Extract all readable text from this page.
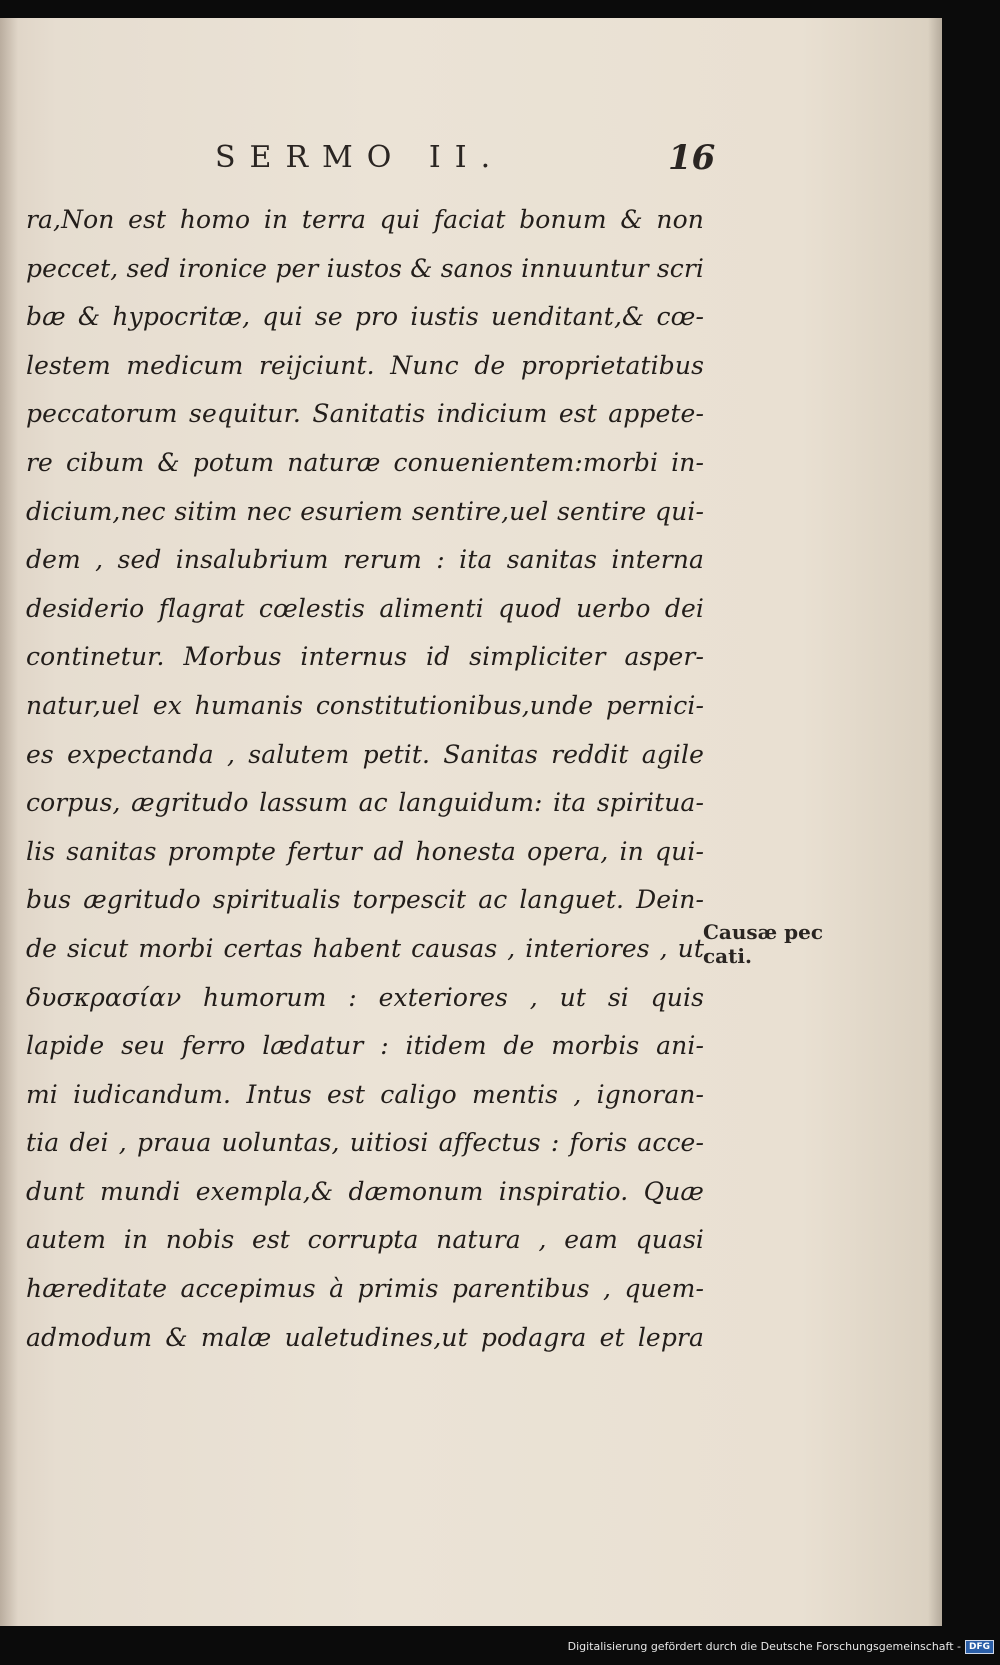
SERMO II.	16
ra,Non est homo in terra qui faciat bonum & non
peccet, sed ironice per iustos & sanos innuuntur scri
bæ & hypocritæ, qui se pro iustis uenditant,& cœ-
lestem medicum reijciunt. Nunc de proprietatibus
peccatorum sequitur. Sanitatis indicium est appete-
re cibum & potum naturæ conuenientem:morbi in-
dicium,nec sitim nec esuriem sentire,uel sentire qui-
dem , sed insalubrium rerum : ita sanitas interna
desiderio flagrat cœlestis alimenti quod uerbo dei
continetur. Morbus internus id simpliciter asper-
natur,uel ex humanis constitutionibus,unde pernici-
es expectanda , salutem petit. Sanitas reddit agile
corpus, ægritudo lassum ac languidum: ita spiritua-
lis sanitas prompte fertur ad honesta opera, in qui-
bus ægritudo spiritualis torpescit ac languet. Dein-
de sicut morbi certas habent causas , interiores , ut
δυσκρασίαν humorum : exteriores , ut si quis
lapide seu ferro lædatur : itidem de morbis ani-
mi iudicandum. Intus est caligo mentis , ignoran-
tia dei , praua uoluntas, uitiosi affectus : foris acce-
dunt mundi exempla,& dæmonum inspiratio. Quæ
autem in nobis est corrupta natura , eam quasi
hæreditate accepimus à primis parentibus , quem-
admodum & malæ ualetudines,ut podagra et lepra
Causæ pec
cati.
Digitalisierung gefördert durch die Deutsche Forschungsgemeinschaft - DFG
